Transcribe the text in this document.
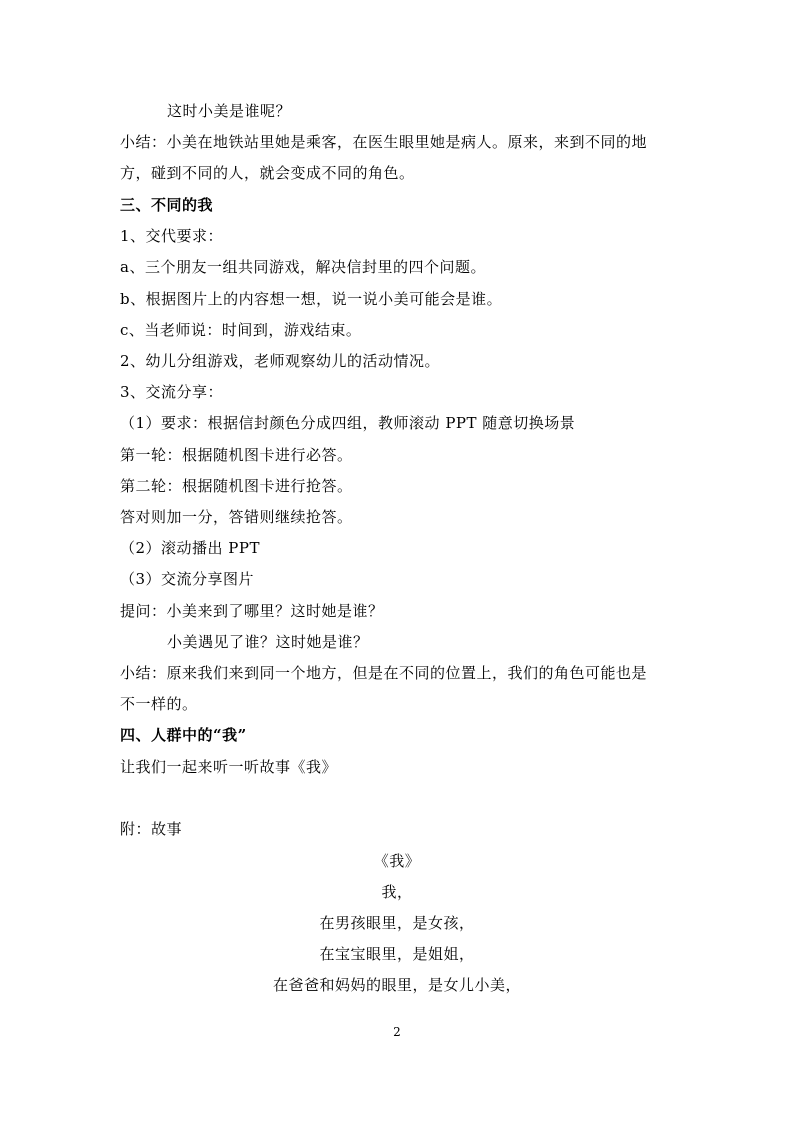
这时小美是谁呢？
小结：小美在地铁站里她是乘客，在医生眼里她是病人。原来，来到不同的地
方，碰到不同的人，就会变成不同的角色。
三、不同的我
1、交代要求：
a、三个朋友一组共同游戏，解决信封里的四个问题。
b、根据图片上的内容想一想，说一说小美可能会是谁。
c、当老师说：时间到，游戏结束。
2、幼儿分组游戏，老师观察幼儿的活动情况。
3、交流分享：
（1）要求：根据信封颜色分成四组，教师滚动 PPT 随意切换场景
第一轮：根据随机图卡进行必答。
第二轮：根据随机图卡进行抢答。
答对则加一分，答错则继续抢答。
（2）滚动播出 PPT
（3）交流分享图片
提问：小美来到了哪里？这时她是谁？
小美遇见了谁？这时她是谁？
小结：原来我们来到同一个地方，但是在不同的位置上，我们的角色可能也是
不一样的。
四、人群中的“我”
让我们一起来听一听故事《我》
附：故事
《我》
我，
在男孩眼里，是女孩，
在宝宝眼里，是姐姐，
在爸爸和妈妈的眼里，是女儿小美，
2
